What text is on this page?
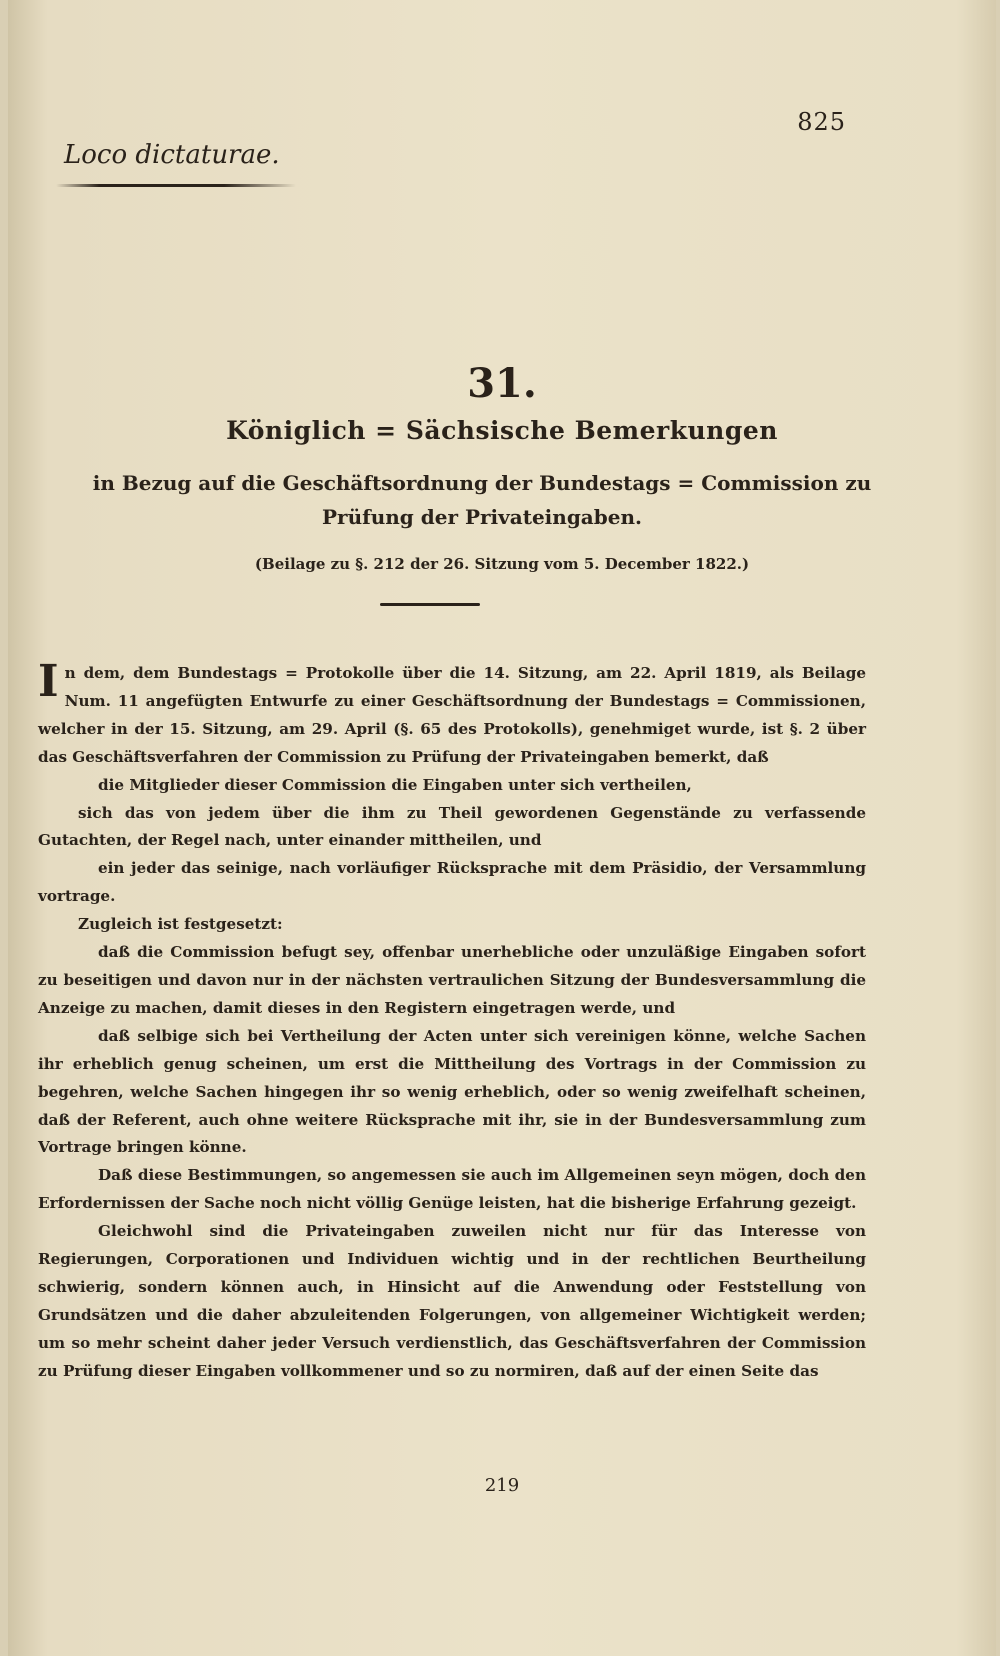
825
Loco dictaturae.
31.
Königlich = Sächsische Bemerkungen
in Bezug auf die Geschäftsordnung der Bundestags = Commission zu Prüfung der Privateingaben.
(Beilage zu §. 212 der 26. Sitzung vom 5. December 1822.)

In dem, dem Bundestags = Protokolle über die 14. Sitzung, am 22. April 1819, als Beilage Num. 11 angefügten Entwurfe zu einer Geschäftsordnung der Bundestags = Commissionen, welcher in der 15. Sitzung, am 29. April (§. 65 des Protokolls), genehmiget wurde, ist §. 2 über das Geschäftsverfahren der Commission zu Prüfung der Privateingaben bemerkt, daß

die Mitglieder dieser Commission die Eingaben unter sich vertheilen,

sich das von jedem über die ihm zu Theil gewordenen Gegenstände zu verfassende Gutachten, der Regel nach, unter einander mittheilen, und

ein jeder das seinige, nach vorläufiger Rücksprache mit dem Präsidio, der Versammlung vortrage.

Zugleich ist festgesetzt:

daß die Commission befugt sey, offenbar unerhebliche oder unzuläßige Eingaben sofort zu beseitigen und davon nur in der nächsten vertraulichen Sitzung der Bundesversammlung die Anzeige zu machen, damit dieses in den Registern eingetragen werde, und

daß selbige sich bei Vertheilung der Acten unter sich vereinigen könne, welche Sachen ihr erheblich genug scheinen, um erst die Mittheilung des Vortrags in der Commission zu begehren, welche Sachen hingegen ihr so wenig erheblich, oder so wenig zweifelhaft scheinen, daß der Referent, auch ohne weitere Rücksprache mit ihr, sie in der Bundesversammlung zum Vortrage bringen könne.

Daß diese Bestimmungen, so angemessen sie auch im Allgemeinen seyn mögen, doch den Erfordernissen der Sache noch nicht völlig Genüge leisten, hat die bisherige Erfahrung gezeigt.

Gleichwohl sind die Privateingaben zuweilen nicht nur für das Interesse von Regierungen, Corporationen und Individuen wichtig und in der rechtlichen Beurtheilung schwierig, sondern können auch, in Hinsicht auf die Anwendung oder Feststellung von Grundsätzen und die daher abzuleitenden Folgerungen, von allgemeiner Wichtigkeit werden; um so mehr scheint daher jeder Versuch verdienstlich, das Geschäftsverfahren der Commission zu Prüfung dieser Eingaben vollkommener und so zu normiren, daß auf der einen Seite das

219
